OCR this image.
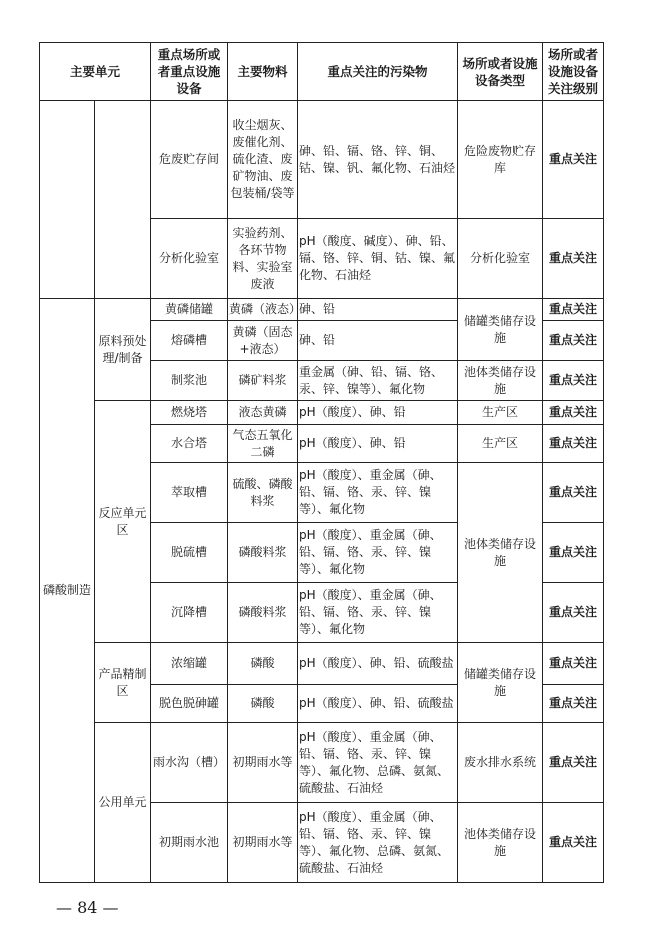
主要单元		重点场所或者重点设施设备	主要物料	重点关注的污染物	场所或者设施设备类型	场所或者设施设备关注级别
		危废贮存间	收尘烟灰、废催化剂、硫化渣、废矿物油、废包装桶/袋等	砷、铅、镉、铬、锌、铜、钴、镍、钒、氟化物、石油烃	危险废物贮存库	重点关注
		分析化验室	实验药剂、各环节物料、实验室废液	pH（酸度、碱度）、砷、铅、镉、铬、锌、铜、钴、镍、氟化物、石油烃	分析化验室	重点关注
磷酸制造	原料预处理/制备	黄磷储罐	黄磷（液态）	砷、铅	储罐类储存设施	重点关注
		熔磷槽	黄磷（固态+液态）	砷、铅		重点关注
		制浆池	磷矿料浆	重金属（砷、铅、镉、铬、汞、锌、镍等）、氟化物	池体类储存设施	重点关注
	反应单元区	燃烧塔	液态黄磷	pH（酸度）、砷、铅	生产区	重点关注
		水合塔	气态五氧化二磷	pH（酸度）、砷、铅	生产区	重点关注
		萃取槽	硫酸、磷酸料浆	pH（酸度）、重金属（砷、铅、镉、铬、汞、锌、镍等）、氟化物	池体类储存设施	重点关注
		脱硫槽	磷酸料浆	pH（酸度）、重金属（砷、铅、镉、铬、汞、锌、镍等）、氟化物		重点关注
		沉降槽	磷酸料浆	pH（酸度）、重金属（砷、铅、镉、铬、汞、锌、镍等）、氟化物		重点关注
	产品精制区	浓缩罐	磷酸	pH（酸度）、砷、铅、硫酸盐	储罐类储存设施	重点关注
		脱色脱砷罐	磷酸	pH（酸度）、砷、铅、硫酸盐		重点关注
	公用单元	雨水沟（槽）	初期雨水等	pH（酸度）、重金属（砷、铅、镉、铬、汞、锌、镍等）、氟化物、总磷、氨氮、硫酸盐、石油烃	废水排水系统	重点关注
		初期雨水池	初期雨水等	pH（酸度）、重金属（砷、铅、镉、铬、汞、锌、镍等）、氟化物、总磷、氨氮、硫酸盐、石油烃	池体类储存设施	重点关注
— 84 —
